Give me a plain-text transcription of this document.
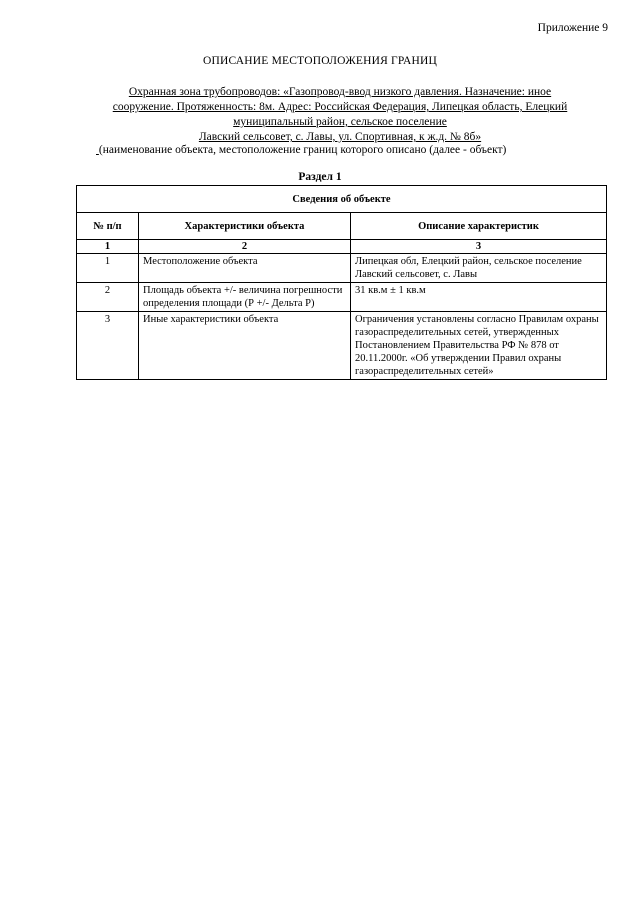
Приложение 9
ОПИСАНИЕ МЕСТОПОЛОЖЕНИЯ ГРАНИЦ
Охранная зона трубопроводов: «Газопровод-ввод низкого давления. Назначение: иное
сооружение. Протяженность: 8м. Адрес: Российская Федерация, Липецкая область, Елецкий
муниципальный район, сельское поселение
Лавский сельсовет, с. Лавы, ул. Спортивная, к ж.д. № 8б»
(наименование объекта, местоположение границ которого описано (далее - объект)
Раздел 1
Сведения об объекте		
№ п/п	Характеристики объекта	Описание характеристик
1	2	3
1	Местоположение объекта	Липецкая обл, Елецкий район, сельское поселение Лавский сельсовет, с. Лавы
2	Площадь объекта +/- величина погрешности определения площади (Р +/- Дельта Р)	31 кв.м ± 1 кв.м
3	Иные характеристики объекта	Ограничения установлены согласно Правилам охраны газораспределительных сетей, утвержденных Постановлением Правительства РФ № 878 от 20.11.2000г. «Об утверждении Правил охраны газораспределительных сетей»
